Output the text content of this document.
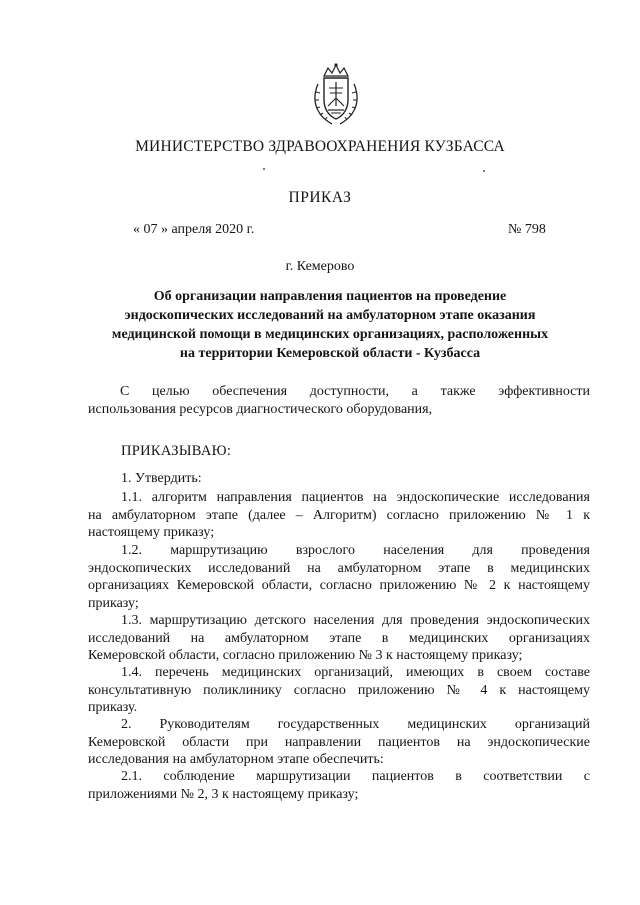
МИНИСТЕРСТВО ЗДРАВООХРАНЕНИЯ КУЗБАССА
ПРИКАЗ
« 07 » апреля 2020 г.	№ 798
г. Кемерово
Об организации направления пациентов на проведение
эндоскопических исследований на амбулаторном этапе оказания
медицинской помощи в медицинских организациях, расположенных
на территории Кемеровской области - Кузбасса
С целью обеспечения доступности, а также эффективности
использования ресурсов диагностического оборудования,
ПРИКАЗЫВАЮ:
1. Утвердить:
1.1. алгоритм направления пациентов на эндоскопические исследования
на амбулаторном этапе (далее – Алгоритм) согласно приложению № 1 к
настоящему приказу;
1.2. маршрутизацию взрослого населения для проведения
эндоскопических исследований на амбулаторном этапе в медицинских
организациях Кемеровской области, согласно приложению № 2 к настоящему
приказу;
1.3. маршрутизацию детского населения для проведения эндоскопических
исследований на амбулаторном этапе в медицинских организациях
Кемеровской области, согласно приложению № 3 к настоящему приказу;
1.4. перечень медицинских организаций, имеющих в своем составе
консультативную поликлинику согласно приложению № 4 к настоящему
приказу.
2. Руководителям государственных медицинских организаций
Кемеровской области при направлении пациентов на эндоскопические
исследования на амбулаторном этапе обеспечить:
2.1. соблюдение маршрутизации пациентов в соответствии с
приложениями № 2, 3 к настоящему приказу;
